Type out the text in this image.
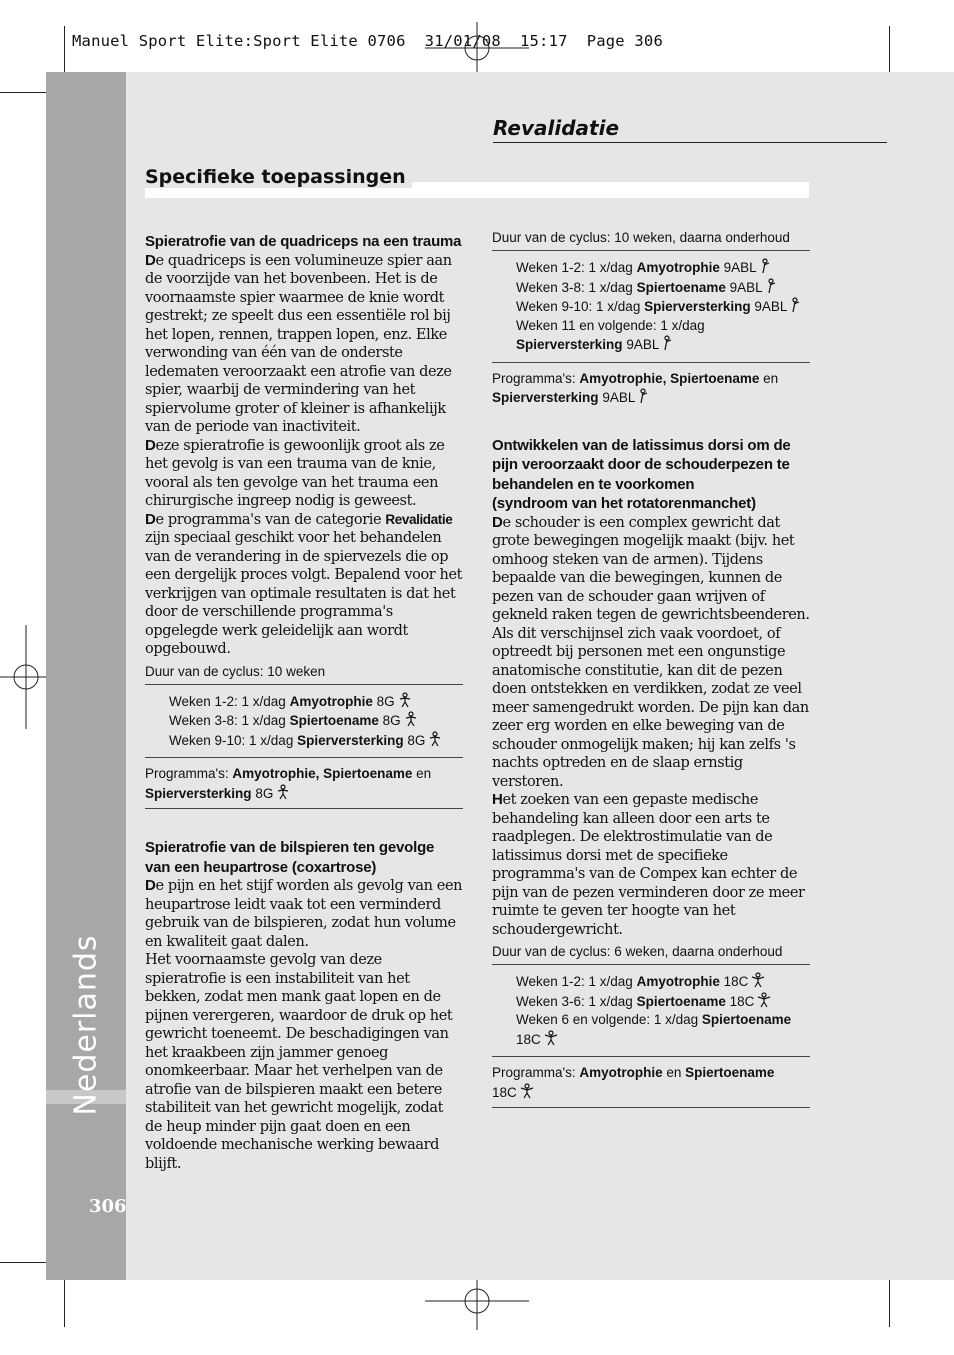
Manuel Sport Elite:Sport Elite 0706  31/01/08  15:17  Page 306
Nederlands
306
Revalidatie
Specifieke toepassingen
Spieratrofie van de quadriceps na een trauma

De quadriceps is een volumineuze spier aan de voorzijde van het bovenbeen. Het is de voornaamste spier waarmee de knie wordt gestrekt; ze speelt dus een essentiële rol bij het lopen, rennen, trappen lopen, enz. Elke verwonding van één van de onderste ledematen veroorzaakt een atrofie van deze spier, waarbij de vermindering van het spiervolume groter of kleiner is afhankelijk van de periode van inactiviteit.

Deze spieratrofie is gewoonlijk groot als ze het gevolg is van een trauma van de knie, vooral als ten gevolge van het trauma een chirurgische ingreep nodig is geweest.

De programma's van de categorie Revalidatie zijn speciaal geschikt voor het behandelen van de verandering in de spiervezels die op een dergelijk proces volgt. Bepalend voor het verkrijgen van optimale resultaten is dat het door de verschillende programma's opgelegde werk geleidelijk aan wordt opgebouwd.

Duur van de cyclus: 10 weken
Weken 1-2: 1 x/dag Amyotrophie 8G
Weken 3-8: 1 x/dag Spiertoename 8G
Weken 9-10: 1 x/dag Spierversterking 8G
Programma's: Amyotrophie, Spiertoename en Spierversterking 8G
Spieratrofie van de bilspieren ten gevolge van een heupartrose (coxartrose)

De pijn en het stijf worden als gevolg van een heupartrose leidt vaak tot een verminderd gebruik van de bilspieren, zodat hun volume en kwaliteit gaat dalen.

Het voornaamste gevolg van deze spieratrofie is een instabiliteit van het bekken, zodat men mank gaat lopen en de pijnen verergeren, waardoor de druk op het gewricht toeneemt. De beschadigingen van het kraakbeen zijn jammer genoeg onomkeerbaar. Maar het verhelpen van de atrofie van de bilspieren maakt een betere stabiliteit van het gewricht mogelijk, zodat de heup minder pijn gaat doen en een voldoende mechanische werking bewaard blijft.

Duur van de cyclus: 10 weken, daarna onderhoud
Weken 1-2: 1 x/dag Amyotrophie 9ABL
Weken 3-8: 1 x/dag Spiertoename 9ABL
Weken 9-10: 1 x/dag Spierversterking 9ABL
Weken 11 en volgende: 1 x/dag Spierversterking 9ABL
Programma's: Amyotrophie, Spiertoename en Spierversterking 9ABL
Ontwikkelen van de latissimus dorsi om de pijn veroorzaakt door de schouderpezen te behandelen en te voorkomen
(syndroom van het rotatorenmanchet)

De schouder is een complex gewricht dat grote bewegingen mogelijk maakt (bijv. het omhoog steken van de armen). Tijdens bepaalde van die bewegingen, kunnen de pezen van de schouder gaan wrijven of gekneld raken tegen de gewrichtsbeenderen. Als dit verschijnsel zich vaak voordoet, of optreedt bij personen met een ongunstige anatomische constitutie, kan dit de pezen doen ontstekken en verdikken, zodat ze veel meer samengedrukt worden. De pijn kan dan zeer erg worden en elke beweging van de schouder onmogelijk maken; hij kan zelfs 's nachts optreden en de slaap ernstig verstoren.

Het zoeken van een gepaste medische behandeling kan alleen door een arts te raadplegen. De elektrostimulatie van de latissimus dorsi met de specifieke programma's van de Compex kan echter de pijn van de pezen verminderen door ze meer ruimte te geven ter hoogte van het schoudergewricht.

Duur van de cyclus: 6 weken, daarna onderhoud
Weken 1-2: 1 x/dag Amyotrophie 18C
Weken 3-6: 1 x/dag Spiertoename 18C
Weken 6 en volgende: 1 x/dag Spiertoename 18C
Programma's: Amyotrophie en Spiertoename
18C
